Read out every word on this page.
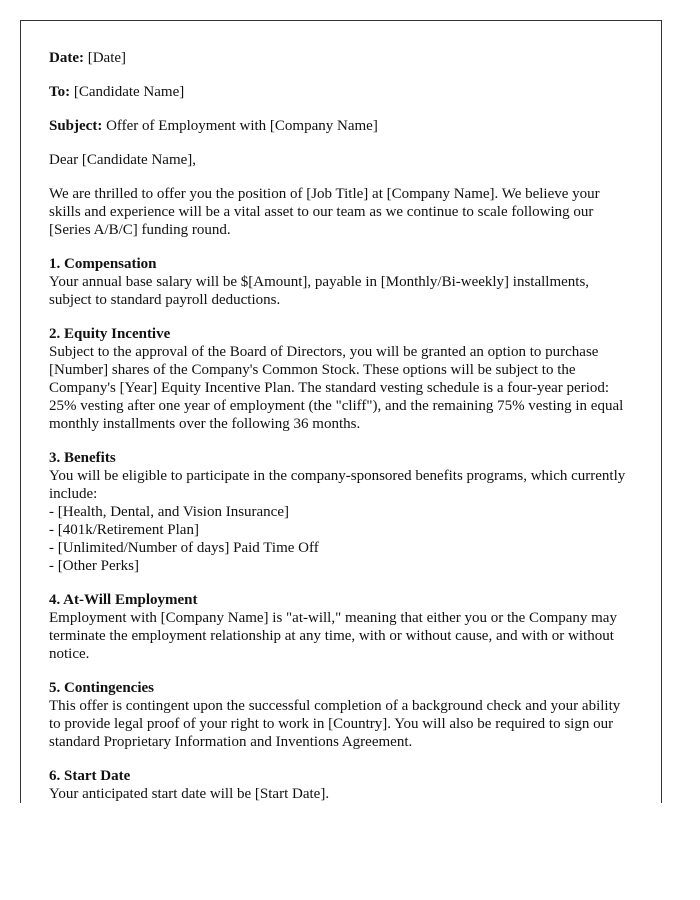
Date: [Date]

To: [Candidate Name]

Subject: Offer of Employment with [Company Name]

Dear [Candidate Name],

We are thrilled to offer you the position of [Job Title] at [Company Name]. We believe your skills and experience will be a vital asset to our team as we continue to scale following our [Series A/B/C] funding round.

1. Compensation
Your annual base salary will be $[Amount], payable in [Monthly/Bi-weekly] installments, subject to standard payroll deductions.
2. Equity Incentive
Subject to the approval of the Board of Directors, you will be granted an option to purchase [Number] shares of the Company's Common Stock. These options will be subject to the Company's [Year] Equity Incentive Plan. The standard vesting schedule is a four-year period: 25% vesting after one year of employment (the "cliff"), and the remaining 75% vesting in equal monthly installments over the following 36 months.
3. Benefits
You will be eligible to participate in the company-sponsored benefits programs, which currently include:
- [Health, Dental, and Vision Insurance]
- [401k/Retirement Plan]
- [Unlimited/Number of days] Paid Time Off
- [Other Perks]
4. At-Will Employment
Employment with [Company Name] is "at-will," meaning that either you or the Company may terminate the employment relationship at any time, with or without cause, and with or without notice.
5. Contingencies
This offer is contingent upon the successful completion of a background check and your ability to provide legal proof of your right to work in [Country]. You will also be required to sign our standard Proprietary Information and Inventions Agreement.
6. Start Date
Your anticipated start date will be [Start Date].
